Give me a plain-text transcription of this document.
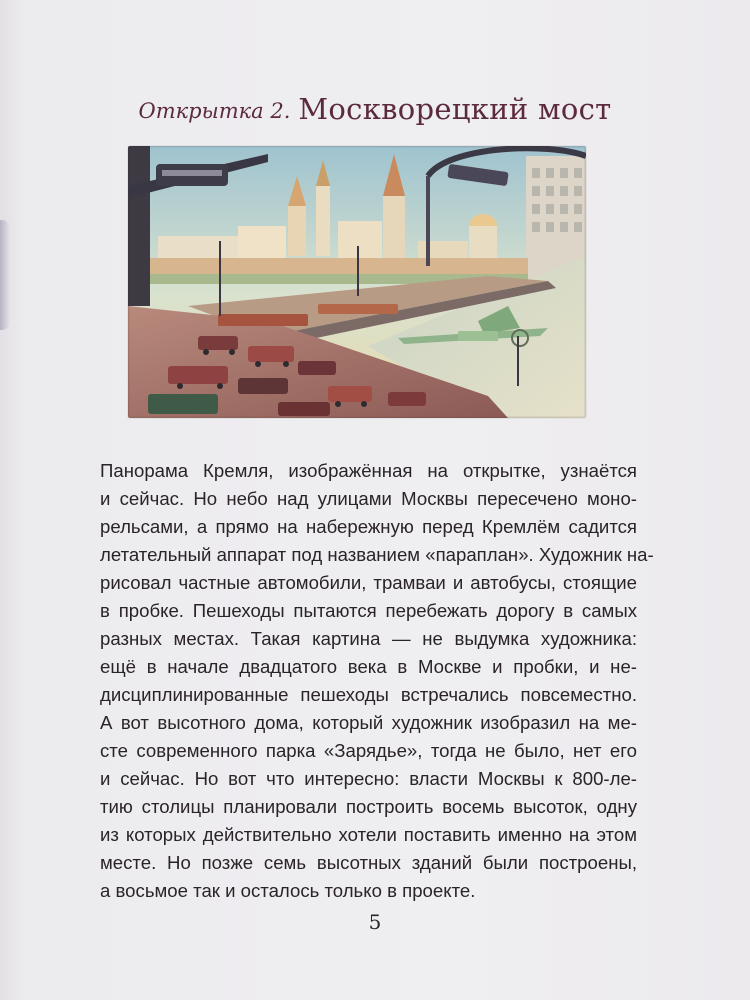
Открытка 2. Москворецкий мост
Панорама Кремля, изображённая на открытке, узнаётся
и сейчас. Но небо над улицами Москвы пересечено моно-
рельсами, а прямо на набережную перед Кремлём садится
летательный аппарат под названием «параплан». Художник на-
рисовал частные автомобили, трамваи и автобусы, стоящие
в пробке. Пешеходы пытаются перебежать дорогу в самых
разных местах. Такая картина — не выдумка художника:
ещё в начале двадцатого века в Москве и пробки, и не-
дисциплинированные пешеходы встречались повсеместно.
А вот высотного дома, который художник изобразил на ме-
сте современного парка «Зарядье», тогда не было, нет его
и сейчас. Но вот что интересно: власти Москвы к 800-ле-
тию столицы планировали построить восемь высоток, одну
из которых действительно хотели поставить именно на этом
месте. Но позже семь высотных зданий были построены,
а восьмое так и осталось только в проекте.
5
